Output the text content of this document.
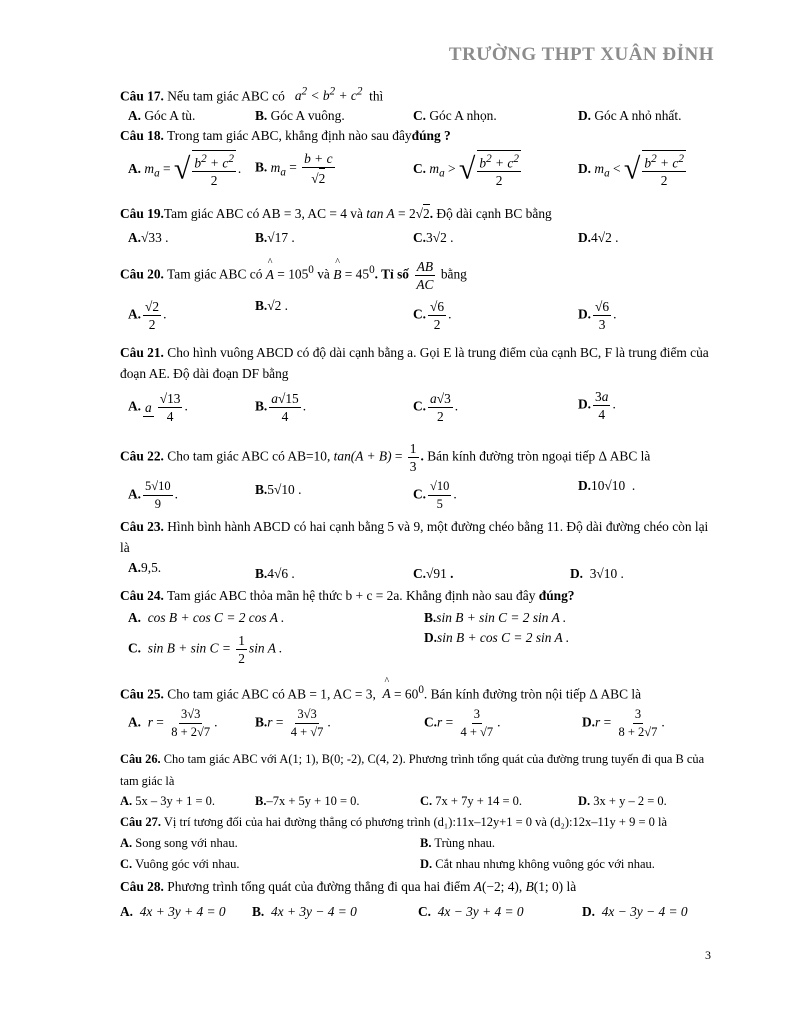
TRƯỜNG THPT XUÂN ĐỈNH
Câu 17. Nếu tam giác ABC có   $a^2 < b^2 + c^2$ thì
A. Góc A tù.	B. Góc A vuông.	C. Góc A nhọn.	D. Góc A nhỏ nhất.
Câu 18. Trong tam giác ABC, khẳng định nào sau đâyđúng ?
A. $m_a$ = √ $\frac{b^2 + c^2}{2}$ . B. $m_a = \frac{b + c}{√2}$	C. $m_a$ > √ $\frac{b^2 + c^2}{2}$	D. $m_a$ < √ $\frac{b^2 + c^2}{2}$
Câu 19.Tam giác ABC có AB = 3, AC = 4 và tan A = 2√2. Độ dài cạnh BC bằng
A.√33 .	B.√17 .	C.3√2 .	D.4√2 .
Câu 20. Tam giác ABC có ^ $A = 105^0$ và ^ $B = 45^0$. Tỉ số $\frac{AB}{AC}$ bằng
A. $\frac{√2}{2}$ .
B.√2 .
C. $\frac{√6}{2}$ .	D. $\frac{√6}{3}$ .
Câu 21. Cho hình vuông ABCD có độ dài cạnh bằng a. Gọi E là trung điểm của cạnh BC, F là trung điểm của đoạn AE. Độ dài đoạn DF bằng
A. a $\frac{√13}{4}$ .	B. $\frac{a√15}{4}$ .	C. $\frac{a√3}{2}$ .	D. $\frac{3a}{4}$ .
Câu 22. Cho tam giác ABC có AB=10, $\tan(A + B) = \frac{1}{3}$ . Bán kính đường tròn ngoại tiếp Δ ABC là
A. $\frac{5√10}{9}$ .	B.5√10 .	C. $\frac{√10}{5}$ .
D.10√10  .
Câu 23. Hình bình hành ABCD có hai cạnh bằng 5 và 9, một đường chéo bằng 11. Độ dài đường chéo còn lại là
A.9,5.	B.4√6 .	C.√91 .	D. 3√10 .
Câu 24. Tam giác ABC thỏa mãn hệ thức b + c = 2a. Khẳng định nào sau đây đúng?
A. cos B + cos C = 2 cos A .	B.sin B + sin C = 2 sin A .
D.sin B + cos C = 2 sin A .
C. $\sin B + \sin C = \frac{1}{2}$ sin A .
Câu 25. Cho tam giác ABC có AB = 1, AC = 3, ^ $A = 60^0$. Bán kính đường tròn nội tiếp Δ ABC là
A. $r = \frac{3√3}{8 + 2√7}$ .	$B.r = \frac{3√3}{4 + √7}$ .	$C.r = \frac{3}{4 + √7}$ .	$D.r = \frac{3}{8 + 2√7}$ .
Câu 26. Cho tam giác ABC với A(1; 1), B(0; -2), C(4, 2). Phương trình tổng quát của đường trung tuyến đi qua B của tam giác là
A. 5x – 3y + 1 = 0.	B.–7x + 5y + 10 = 0.	C. 7x + 7y + 14 = 0.	D. 3x + y – 2 = 0.
Câu 27. Vị trí tương đối của hai đường thẳng có phương trình (d₁):11x–12y+1 = 0 và (d₂):12x–11y + 9 = 0 là
A. Song song với nhau.	B. Trùng nhau.
C. Vuông góc với nhau.	D. Cắt nhau nhưng không vuông góc với nhau.
Câu 28. Phương trình tổng quát của đường thẳng đi qua hai điểm A(−2; 4), B(1; 0) là
A. 4x + 3y + 4 = 0 B. 4x + 3y − 4 = 0	C. 4x − 3y + 4 = 0	D. 4x − 3y − 4 = 0
3
